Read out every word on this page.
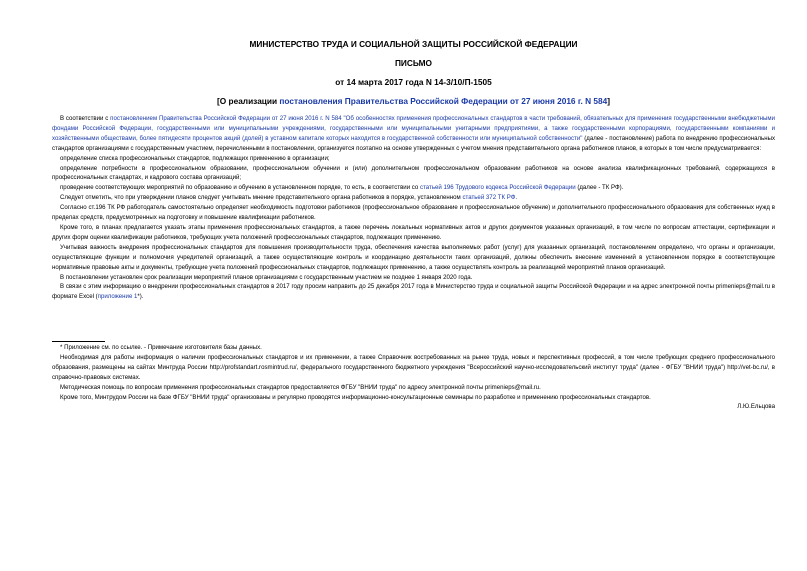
МИНИСТЕРСТВО ТРУДА И СОЦИАЛЬНОЙ ЗАЩИТЫ РОССИЙСКОЙ ФЕДЕРАЦИИ
ПИСЬМО
от 14 марта 2017 года N 14-3/10/П-1505
[О реализации постановления Правительства Российской Федерации от 27 июня 2016 г. N 584]

В соответствии с постановлением Правительства Российской Федерации от 27 июня 2016 г. N 584 "Об особенностях применения профессиональных стандартов в части требований, обязательных для применения государственными внебюджетными фондами Российской Федерации, государственными или муниципальными учреждениями, государственными или муниципальными унитарными предприятиями, а также государственными корпорациями, государственными компаниями и хозяйственными обществами, более пятидесяти процентов акций (долей) в уставном капитале которых находится в государственной собственности или муниципальной собственности" (далее - постановление) работа по внедрению профессиональных стандартов организациями с государственным участием, перечисленными в постановлении, организуется поэтапно на основе утвержденных с учетом мнения представительного органа работников планов, в которых в том числе предусматривается:

определение списка профессиональных стандартов, подлежащих применению в организации;

определение потребности в профессиональном образовании, профессиональном обучении и (или) дополнительном профессиональном образовании работников на основе анализа квалификационных требований, содержащихся в профессиональных стандартах, и кадрового состава организаций;

проведение соответствующих мероприятий по образованию и обучению в установленном порядке, то есть, в соответствии со статьей 196 Трудового кодекса Российской Федерации (далее - ТК РФ).

Следует отметить, что при утверждении планов следует учитывать мнение представительного органа работников в порядке, установленном статьей 372 ТК РФ.

Согласно ст.196 ТК РФ работодатель самостоятельно определяет необходимость подготовки работников (профессиональное образование и профессиональное обучение) и дополнительного профессионального образования для собственных нужд в пределах средств, предусмотренных на подготовку и повышение квалификации работников.

Кроме того, в планах предлагается указать этапы применения профессиональных стандартов, а также перечень локальных нормативных актов и других документов указанных организаций, в том числе по вопросам аттестации, сертификации и других форм оценки квалификации работников, требующих учета положений профессиональных стандартов, подлежащих применению.

Учитывая важность внедрения профессиональных стандартов для повышения производительности труда, обеспечения качества выполняемых работ (услуг) для указанных организаций, постановлением определено, что органы и организации, осуществляющие функции и полномочия учредителей организаций, а также осуществляющие контроль и координацию деятельности таких организаций, должны обеспечить внесение изменений в установленном порядке в соответствующие нормативные правовые акты и документы, требующие учета положений профессиональных стандартов, подлежащих применению, а также осуществлять контроль за реализацией мероприятий планов организаций.

В постановлении установлен срок реализации мероприятий планов организациями с государственным участием не позднее 1 января 2020 года.

В связи с этим информацию о внедрении профессиональных стандартов в 2017 году просим направить до 25 декабря 2017 года в Министерство труда и социальной защиты Российской Федерации и на адрес электронной почты primenieps@mail.ru в формате Excel (приложение 1*).

* Приложение см. по ссылке. - Примечание изготовителя базы данных.

Необходимая для работы информация о наличии профессиональных стандартов и их применении, а также Справочник востребованных на рынке труда, новых и перспективных профессий, в том числе требующих среднего профессионального образования, размещены на сайтах Минтруда России http://profstandart.rosmintrud.ru/, федерального государственного бюджетного учреждения "Всероссийский научно-исследовательский институт труда" (далее - ФГБУ "ВНИИ труда") http://vet-bc.ru/, в справочно-правовых системах.

Методическая помощь по вопросам применения профессиональных стандартов предоставляется ФГБУ "ВНИИ труда" по адресу электронной почты primenieps@mail.ru.

Кроме того, Минтрудом России на базе ФГБУ "ВНИИ труда" организованы и регулярно проводятся информационно-консультационные семинары по разработке и применению профессиональных стандартов.

Л.Ю.Ельцова
